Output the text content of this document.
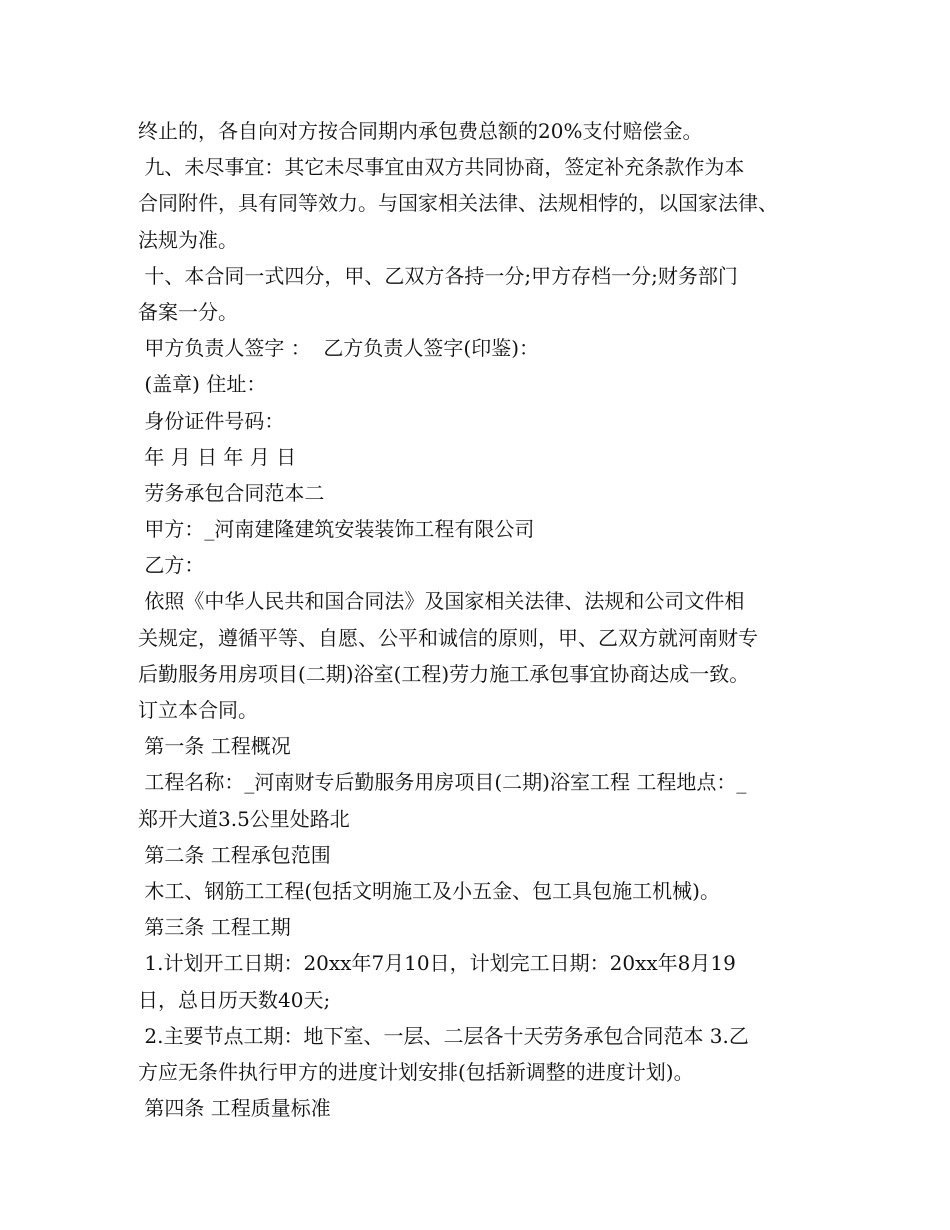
终止的，各自向对方按合同期内承包费总额的20%支付赔偿金。
九、未尽事宜：其它未尽事宜由双方共同协商，签定补充条款作为本
合同附件，具有同等效力。与国家相关法律、法规相悖的，以国家法律、
法规为准。
十、本合同一式四分，甲、乙双方各持一分;甲方存档一分;财务部门
备案一分。
甲方负责人签字 ：  乙方负责人签字(印鉴)：
(盖章) 住址：
身份证件号码：
年 月 日 年 月 日
劳务承包合同范本二
甲方：_河南建隆建筑安装装饰工程有限公司
乙方：
依照《中华人民共和国合同法》及国家相关法律、法规和公司文件相
关规定，遵循平等、自愿、公平和诚信的原则，甲、乙双方就河南财专
后勤服务用房项目(二期)浴室(工程)劳力施工承包事宜协商达成一致。
订立本合同。
第一条 工程概况
工程名称：_河南财专后勤服务用房项目(二期)浴室工程 工程地点：_
郑开大道3.5公里处路北
第二条 工程承包范围
木工、钢筋工工程(包括文明施工及小五金、包工具包施工机械)。
第三条 工程工期
1.计划开工日期：20xx年7月10日，计划完工日期：20xx年8月19
日，总日历天数40天;
2.主要节点工期：地下室、一层、二层各十天劳务承包合同范本 3.乙
方应无条件执行甲方的进度计划安排(包括新调整的进度计划)。
第四条 工程质量标准
